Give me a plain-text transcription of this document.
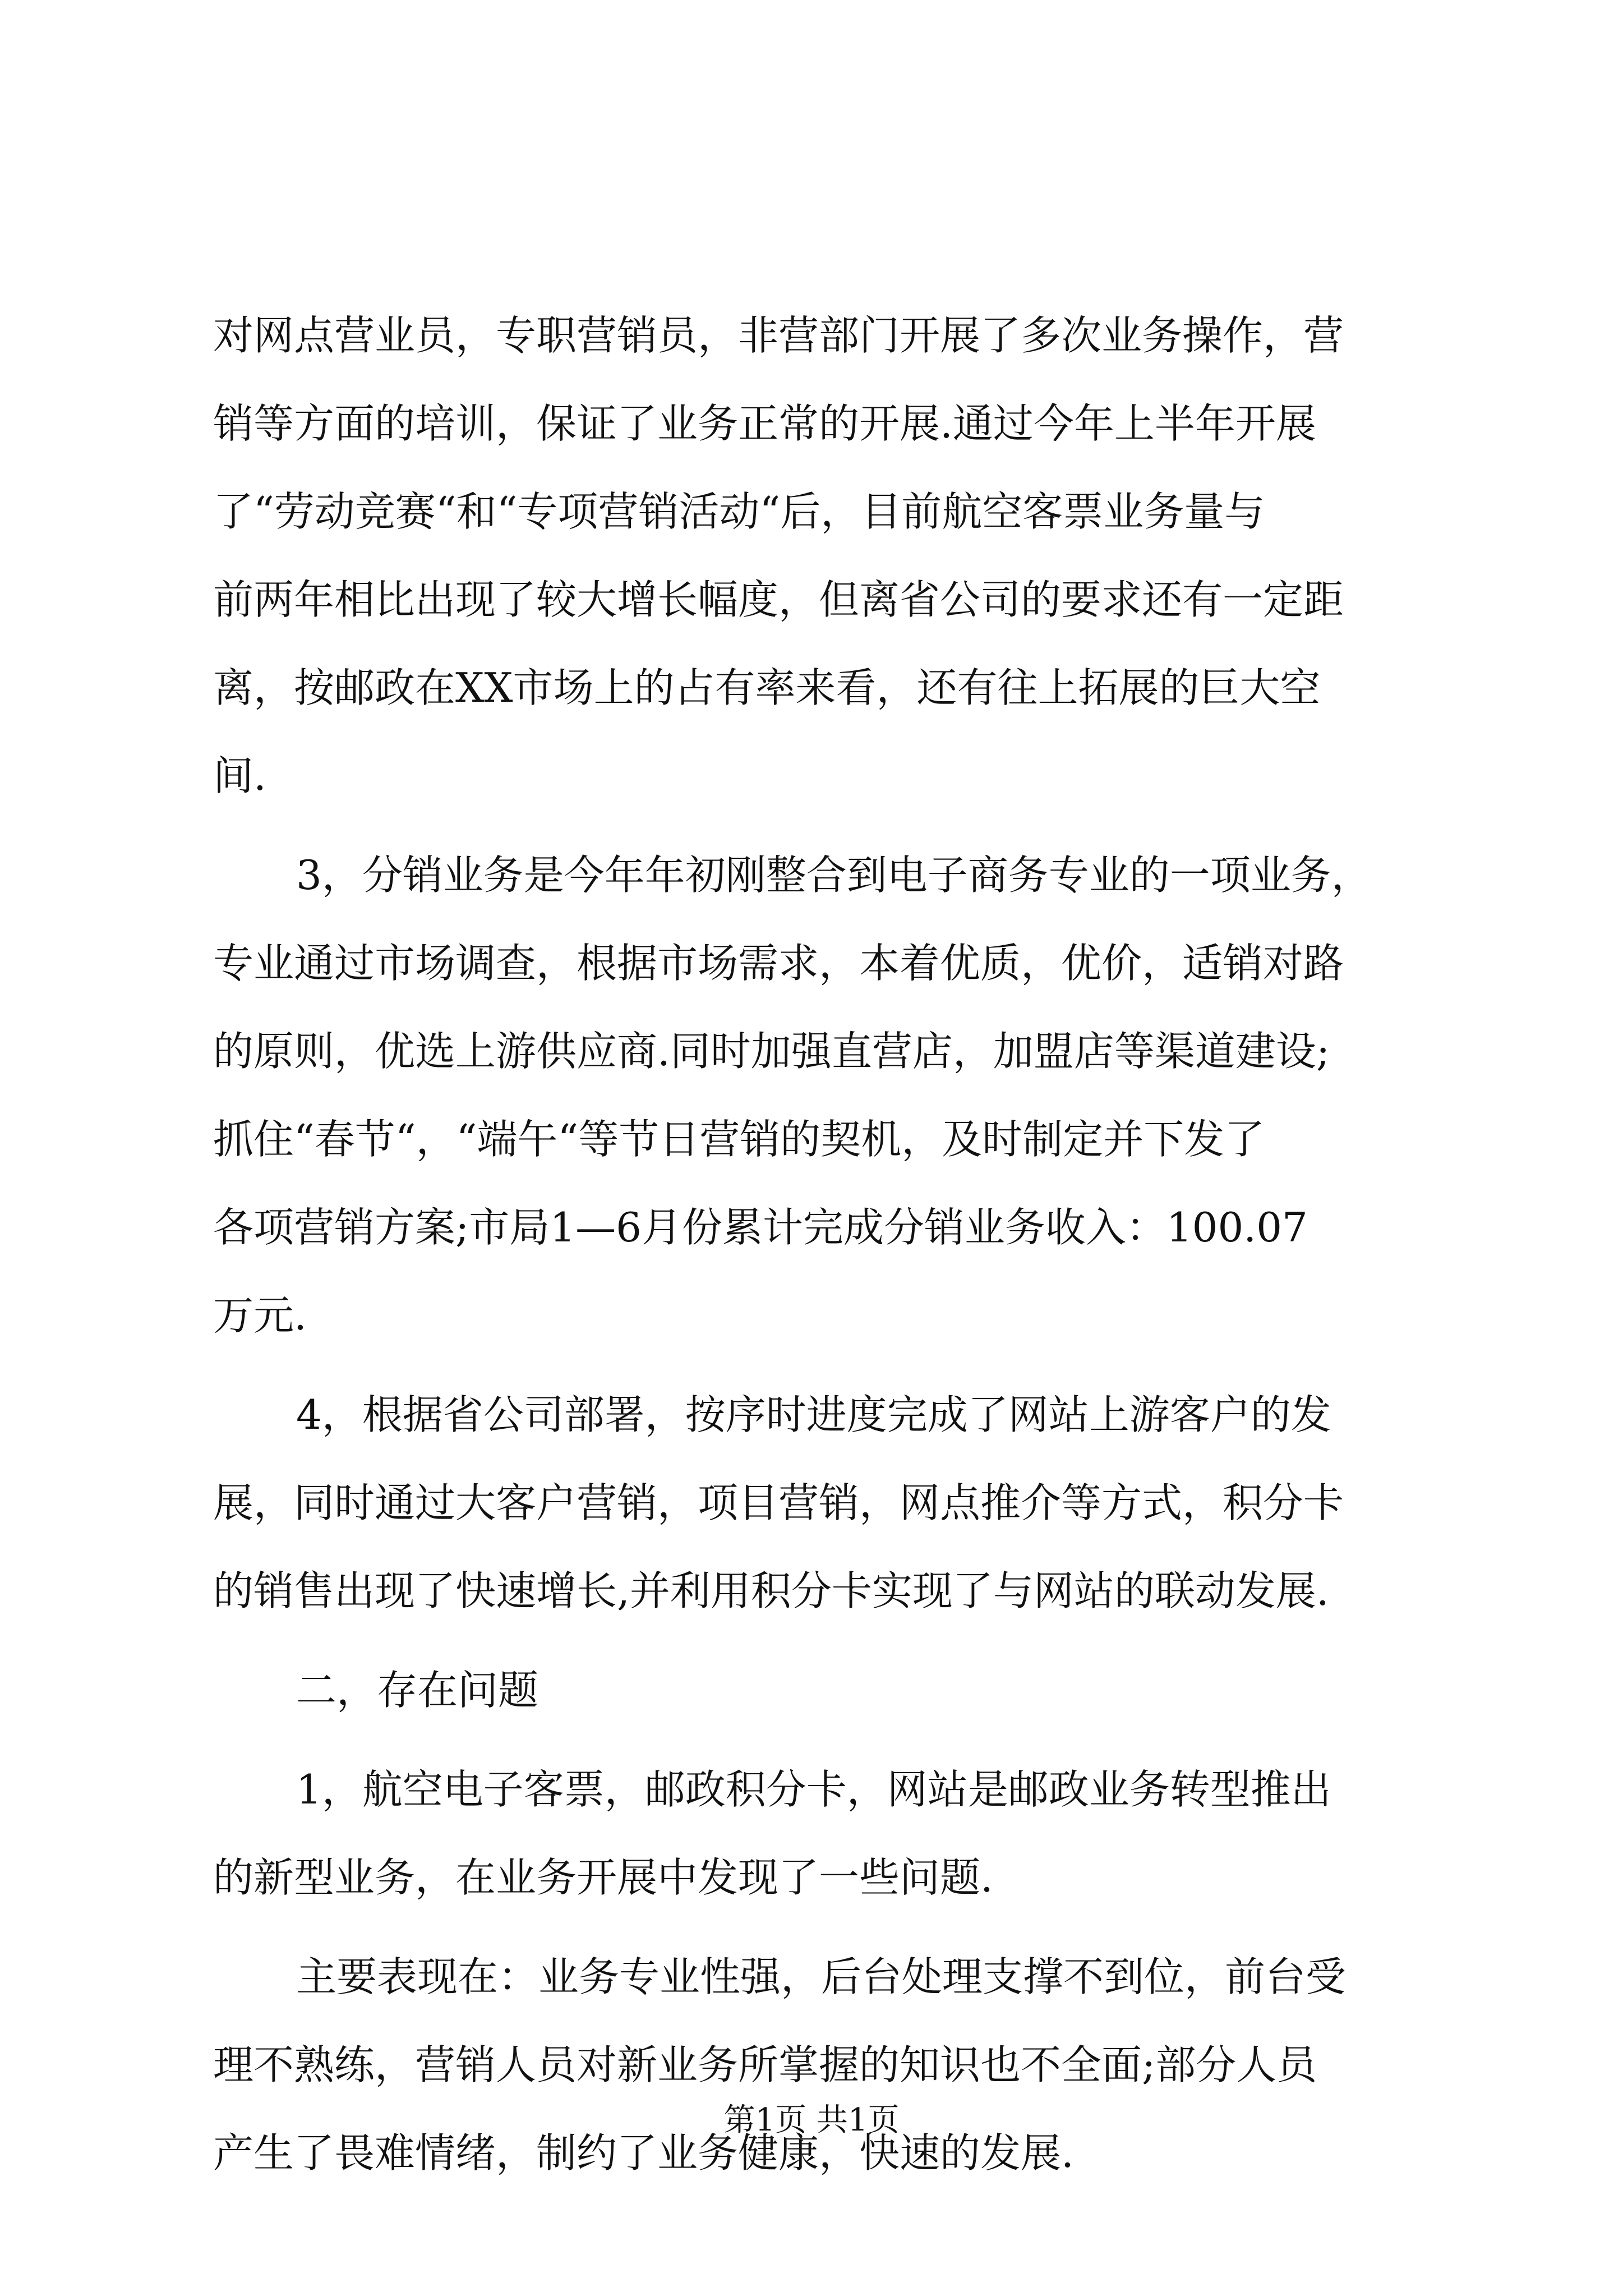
对网点营业员，专职营销员，非营部门开展了多次业务操作，营
销等方面的培训，保证了业务正常的开展.通过今年上半年开展
了“劳动竞赛“和“专项营销活动“后，目前航空客票业务量与
前两年相比出现了较大增长幅度，但离省公司的要求还有一定距
离，按邮政在XX市场上的占有率来看，还有往上拓展的巨大空
间.
3，分销业务是今年年初刚整合到电子商务专业的一项业务，
专业通过市场调查，根据市场需求，本着优质，优价，适销对路
的原则，优选上游供应商.同时加强直营店，加盟店等渠道建设;
抓住“春节“，“端午“等节日营销的契机，及时制定并下发了
各项营销方案;市局1—6月份累计完成分销业务收入：100.07
万元.
4，根据省公司部署，按序时进度完成了网站上游客户的发
展，同时通过大客户营销，项目营销，网点推介等方式，积分卡
的销售出现了快速增长,并利用积分卡实现了与网站的联动发展.
二，存在问题
1，航空电子客票，邮政积分卡，网站是邮政业务转型推出
的新型业务，在业务开展中发现了一些问题.
主要表现在：业务专业性强，后台处理支撑不到位，前台受
理不熟练，营销人员对新业务所掌握的知识也不全面;部分人员
产生了畏难情绪，制约了业务健康，快速的发展.
第1页 共1页
